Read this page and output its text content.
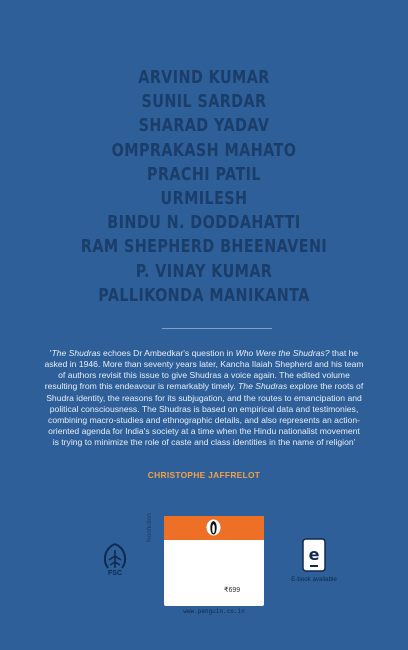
ARVIND KUMAR
SUNIL SARDAR
SHARAD YADAV
OMPRAKASH MAHATO
PRACHI PATIL
URMILESH
BINDU N. DODDAHATTI
RAM SHEPHERD BHEENAVENI
P. VINAY KUMAR
PALLIKONDA MANIKANTA
'The Shudras echoes Dr Ambedkar's question in Who Were the Shudras? that he asked in 1946. More than seventy years later, Kancha Ilaiah Shepherd and his team of authors revisit this issue to give Shudras a voice again. The edited volume resulting from this endeavour is remarkably timely. The Shudras explore the roots of Shudra identity, the reasons for its subjugation, and the routes to emancipation and political consciousness. The Shudras is based on empirical data and testimonies, combining macro-studies and ethnographic details, and also represents an action-oriented agenda for India's society at a time when the Hindu nationalist movement is trying to minimize the role of caste and class identities in the name of religion'
CHRISTOPHE JAFFRELOT
FSC
Nonfiction
₹699
www.penguin.co.in
e
E-book available
